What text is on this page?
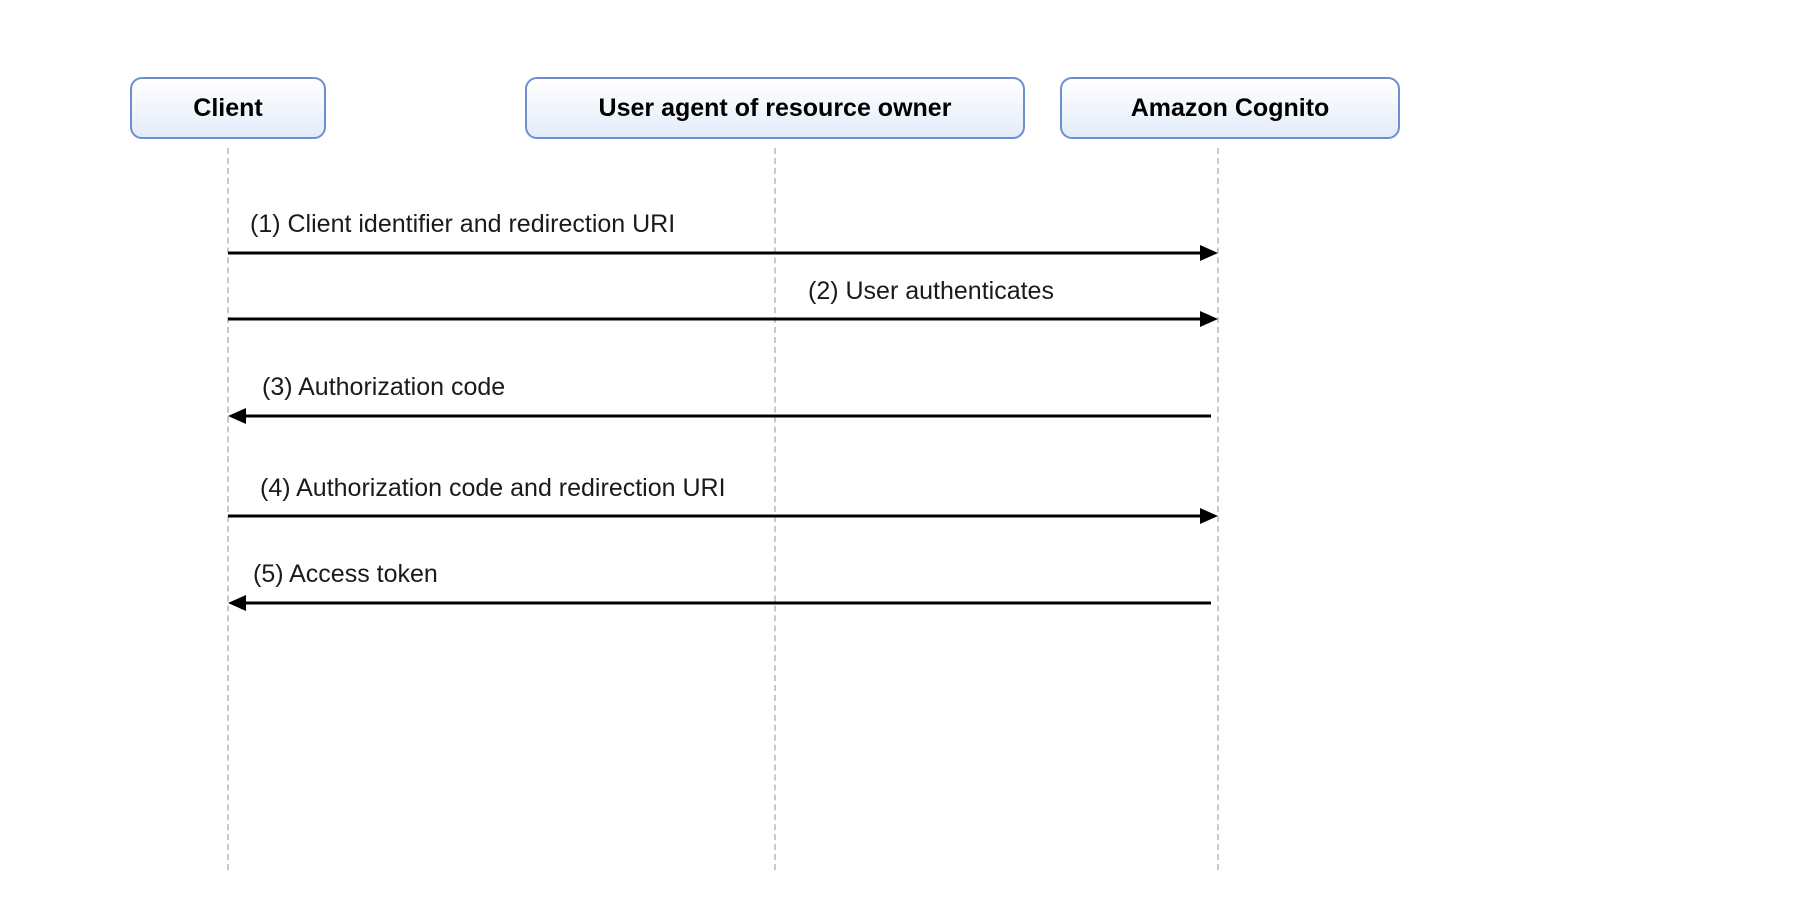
Client	User agent of resource owner	Amazon Cognito
(1) Client identifier and redirection URI
(2) User authenticates
(3) Authorization code
(4) Authorization code and redirection URI
(5) Access token
